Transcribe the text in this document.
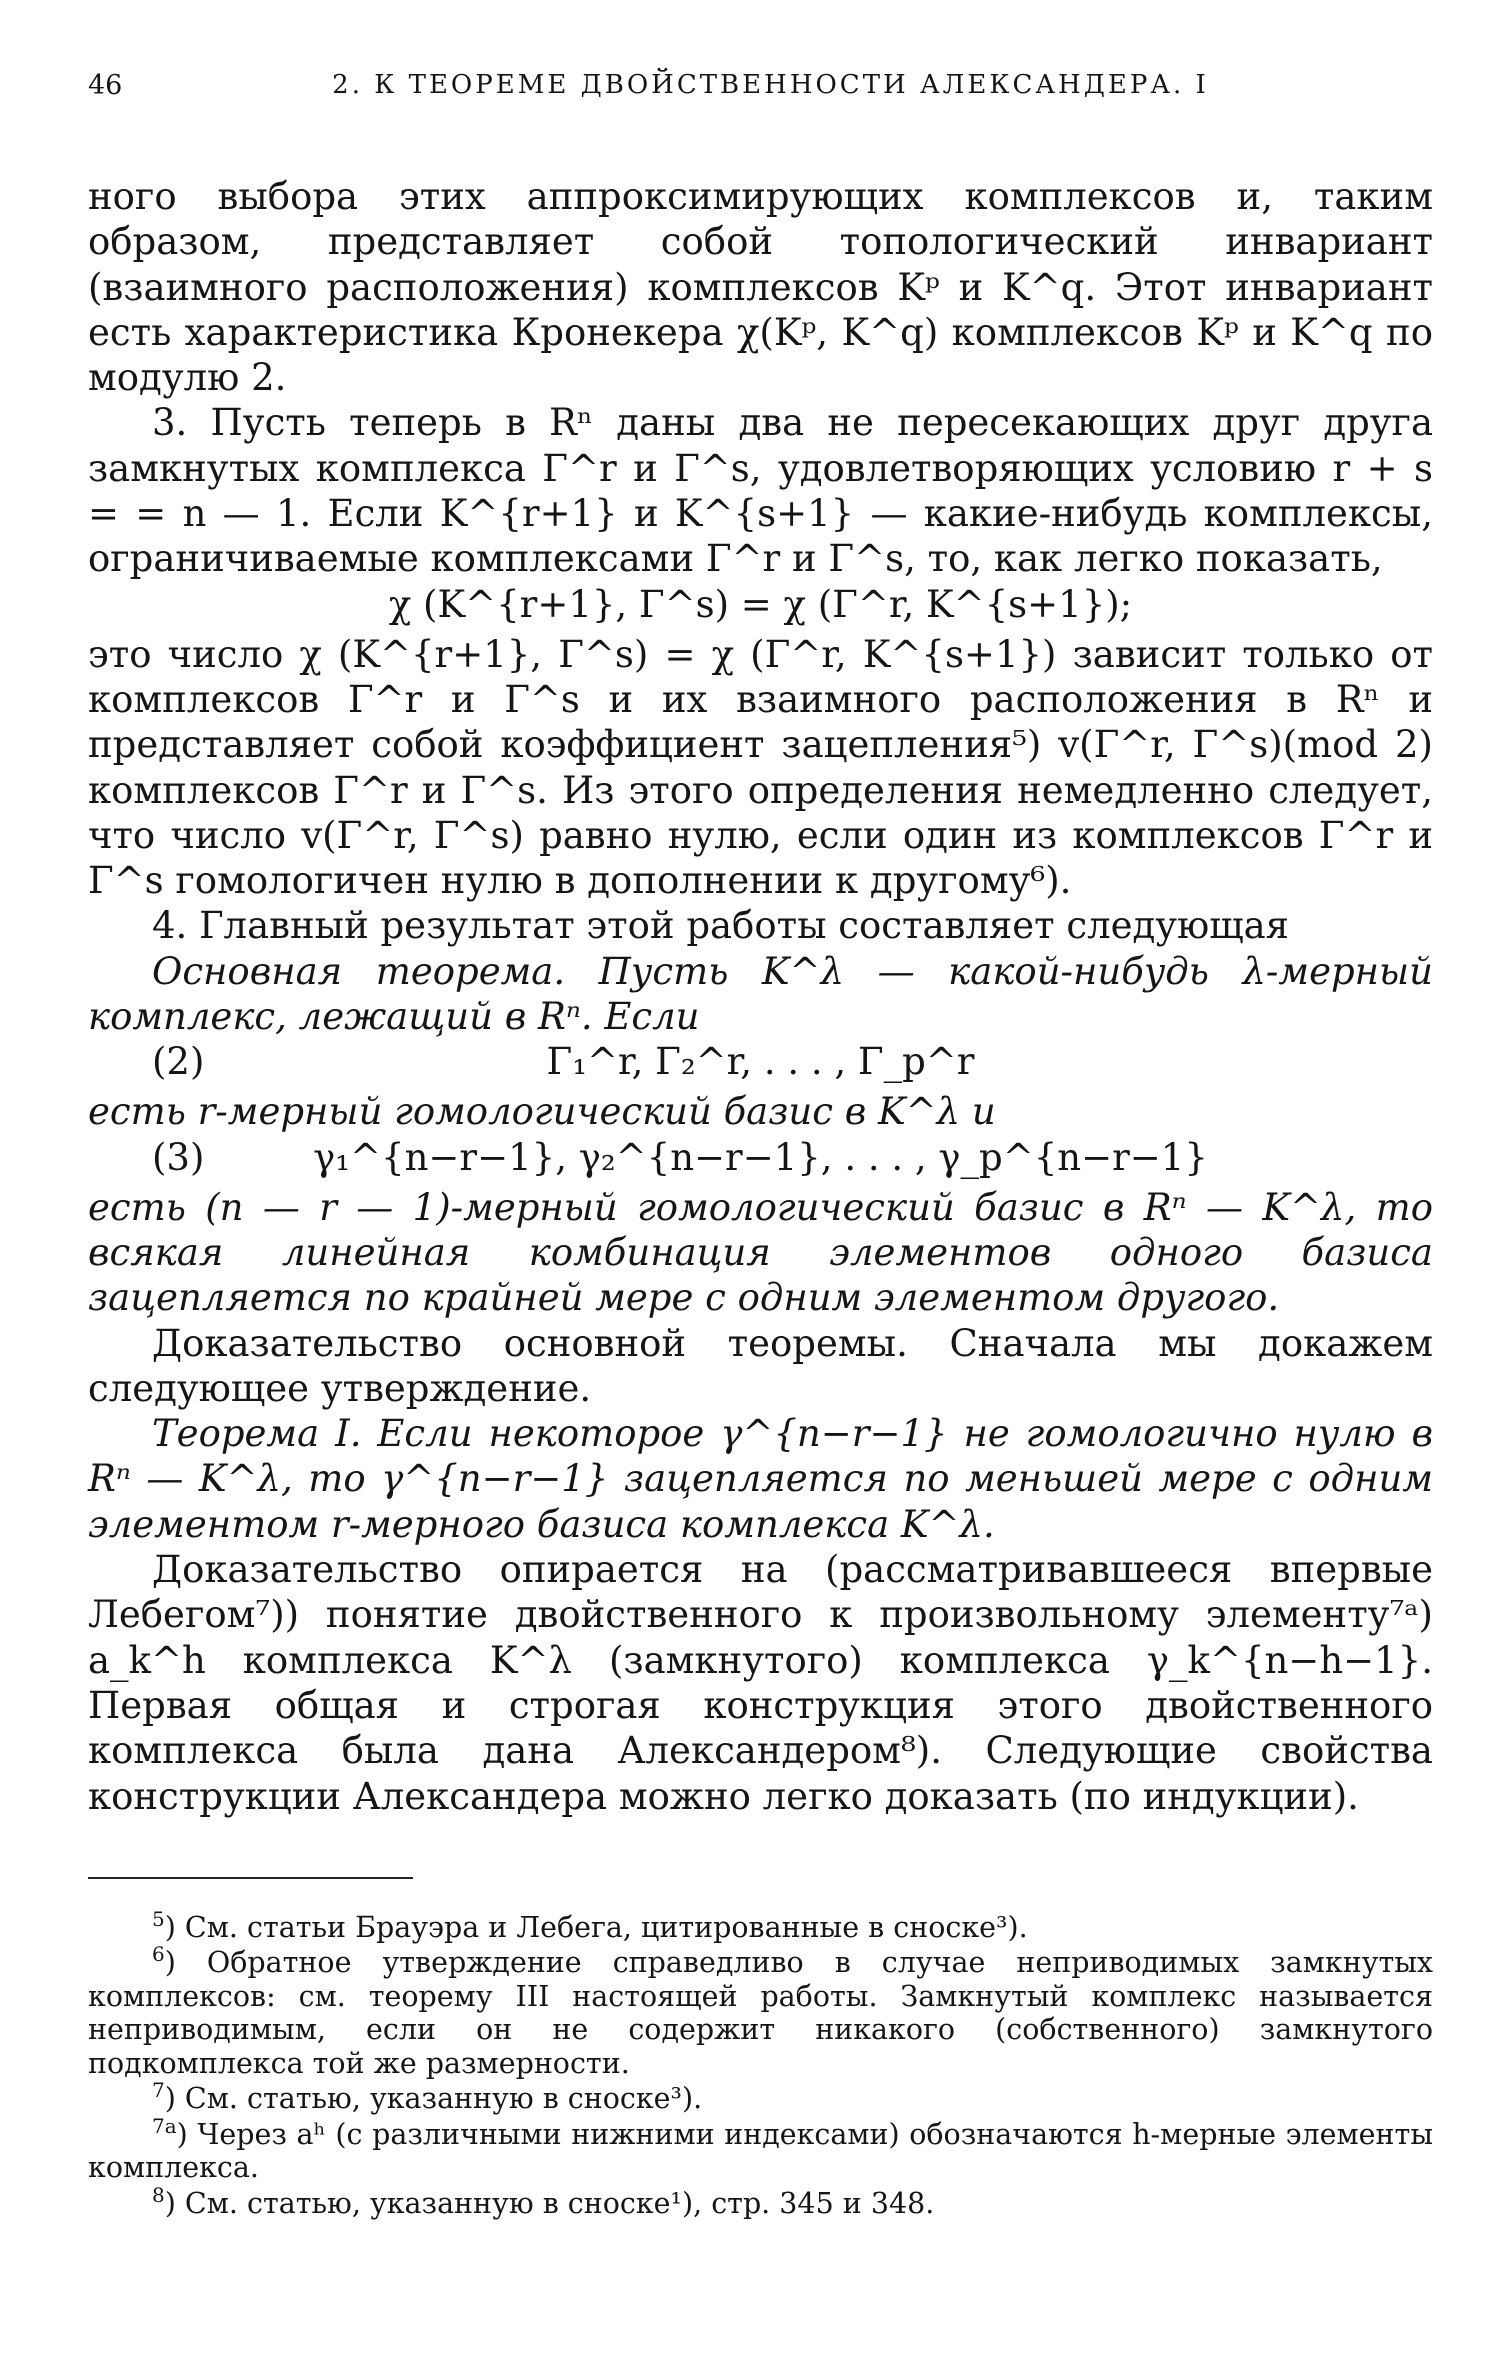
46	2. К ТЕОРЕМЕ ДВОЙСТВЕННОСТИ АЛЕКСАНДЕРА. I

ного выбора этих аппроксимирующих комплексов и, таким образом, представляет собой топологический инвариант (взаимного расположения) комплексов Kᵖ и K^q. Этот инвариант есть характеристика Кронекера χ(Kᵖ, K^q) комплексов Kᵖ и K^q по модулю 2.

3. Пусть теперь в Rⁿ даны два не пересекающих друг друга замкнутых комплекса Γ^r и Γ^s, удовлетворяющих условию r + s = = n — 1. Если K^{r+1} и K^{s+1} — какие-нибудь комплексы, ограничиваемые комплексами Γ^r и Γ^s, то, как легко показать,

χ (K^{r+1}, Γ^s) = χ (Γ^r, K^{s+1});

это число χ (K^{r+1}, Γ^s) = χ (Γ^r, K^{s+1}) зависит только от комплексов Γ^r и Γ^s и их взаимного расположения в Rⁿ и представляет собой коэффициент зацепления⁵) v(Γ^r, Γ^s)(mod 2) комплексов Γ^r и Γ^s. Из этого определения немедленно следует, что число v(Γ^r, Γ^s) равно нулю, если один из комплексов Γ^r и Γ^s гомологичен нулю в дополнении к другому⁶).

4. Главный результат этой работы составляет следующая

Основная теорема. Пусть K^λ — какой-нибудь λ-мерный комплекс, лежащий в Rⁿ. Если

(2)	Γ₁^r, Γ₂^r, . . . , Γ_p^r

есть r-мерный гомологический базис в K^λ и

(3)	γ₁^{n−r−1}, γ₂^{n−r−1}, . . . , γ_p^{n−r−1}

есть (n — r — 1)-мерный гомологический базис в Rⁿ — K^λ, то всякая линейная комбинация элементов одного базиса зацепляется по крайней мере с одним элементом другого.

Доказательство основной теоремы. Сначала мы докажем следующее утверждение.

Теорема I. Если некоторое γ^{n−r−1} не гомологично нулю в Rⁿ — K^λ, то γ^{n−r−1} зацепляется по меньшей мере с одним элементом r-мерного базиса комплекса K^λ.

Доказательство опирается на (рассматривавшееся впервые Лебегом⁷)) понятие двойственного к произвольному элементу⁷ᵃ) a_k^h комплекса K^λ (замкнутого) комплекса γ_k^{n−h−1}. Первая общая и строгая конструкция этого двойственного комплекса была дана Александером⁸). Следующие свойства конструкции Александера можно легко доказать (по индукции).

$^5$) См. статьи Брауэра и Лебега, цитированные в сноске³).

$^6$) Обратное утверждение справедливо в случае неприводимых замкнутых комплексов: см. теорему III настоящей работы. Замкнутый комплекс называется неприводимым, если он не содержит никакого (собственного) замкнутого подкомплекса той же размерности.

$^7$) См. статью, указанную в сноске³).

$^{7a}$) Через aʰ (с различными нижними индексами) обозначаются h-мерные элементы комплекса.

$^8$) См. статью, указанную в сноске¹), стр. 345 и 348.
